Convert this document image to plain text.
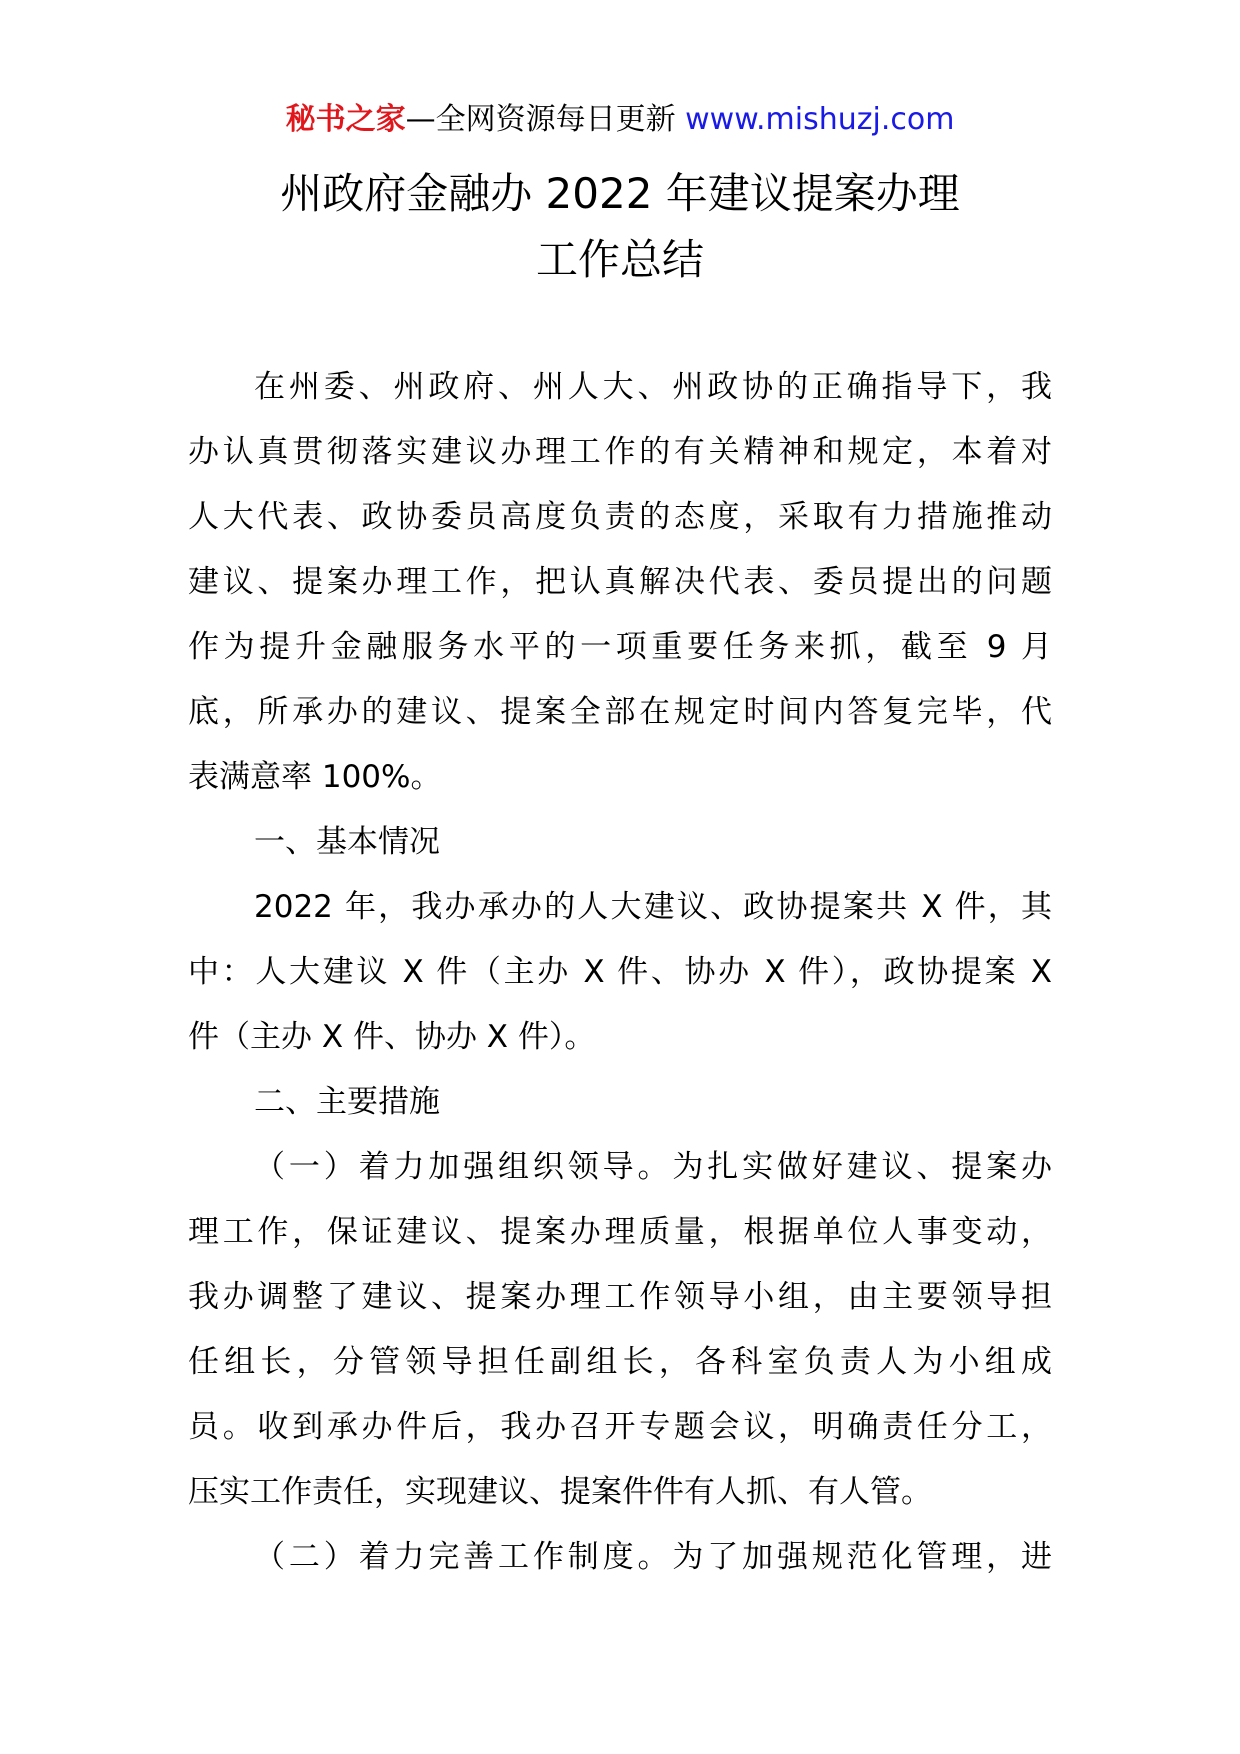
秘书之家—全网资源每日更新 www.mishuzj.com
州政府金融办 2022 年建议提案办理
工作总结
在州委、州政府、州人大、州政协的正确指导下，我
办认真贯彻落实建议办理工作的有关精神和规定，本着对
人大代表、政协委员高度负责的态度，采取有力措施推动
建议、提案办理工作，把认真解决代表、委员提出的问题
作为提升金融服务水平的一项重要任务来抓，截至 9 月
底，所承办的建议、提案全部在规定时间内答复完毕，代
表满意率 100%。
一、基本情况
2022 年，我办承办的人大建议、政协提案共 X 件，其
中：人大建议 X 件（主办 X 件、协办 X 件），政协提案 X
件（主办 X 件、协办 X 件）。
二、主要措施
（一）着力加强组织领导。为扎实做好建议、提案办
理工作，保证建议、提案办理质量，根据单位人事变动，
我办调整了建议、提案办理工作领导小组，由主要领导担
任组长，分管领导担任副组长，各科室负责人为小组成
员。收到承办件后，我办召开专题会议，明确责任分工，
压实工作责任，实现建议、提案件件有人抓、有人管。
（二）着力完善工作制度。为了加强规范化管理，进
